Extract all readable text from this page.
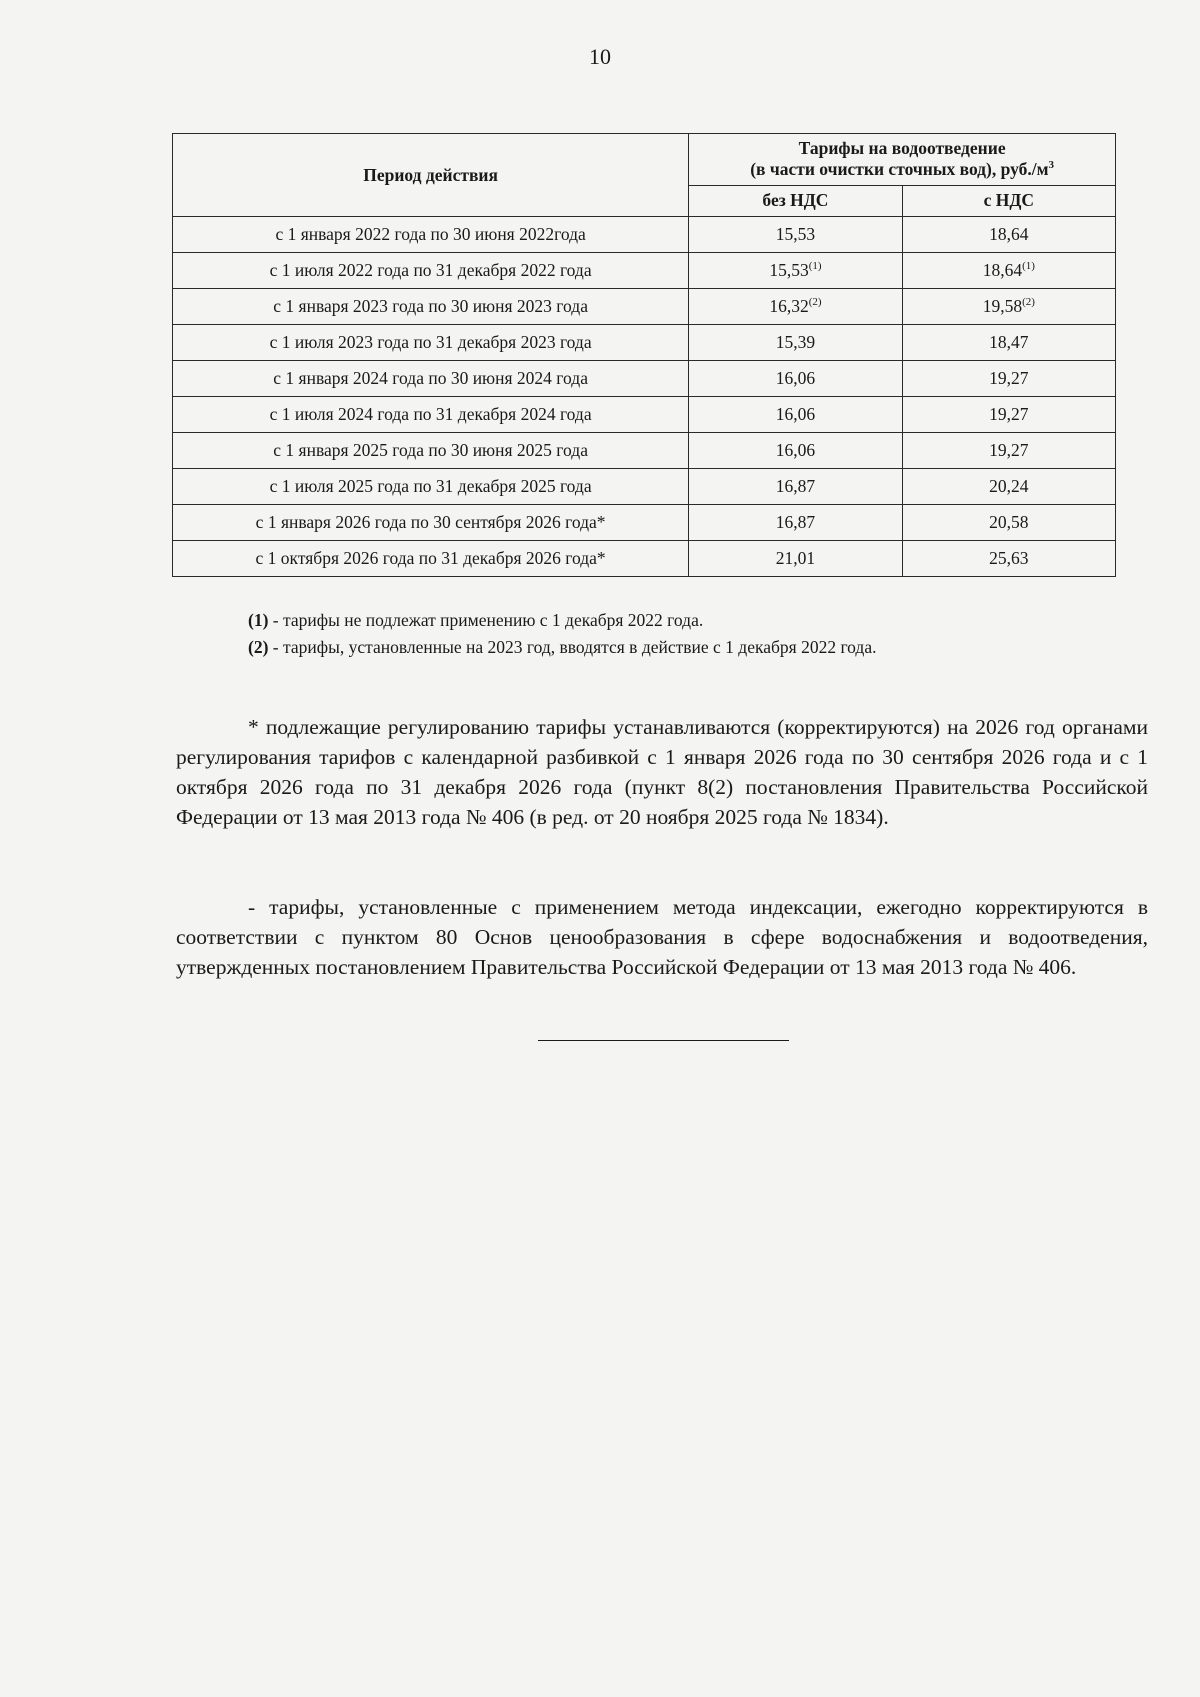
10
Период действия	Тарифы на водоотведение
(в части очистки сточных вод), $руб./м^3$
	без НДС	с НДС
с 1 января 2022 года по 30 июня 2022года	15,53	18,64
с 1 июля 2022 года по 31 декабря 2022 года	15,53$^{(1)}$	18,64$^{(1)}$
с 1 января 2023 года по 30 июня 2023 года	16,32$^{(2)}$	19,58$^{(2)}$
с 1 июля 2023 года по 31 декабря 2023 года	15,39	18,47
с 1 января 2024 года по 30 июня 2024 года	16,06	19,27
с 1 июля 2024 года по 31 декабря 2024 года	16,06	19,27
с 1 января 2025 года по 30 июня 2025 года	16,06	19,27
с 1 июля 2025 года по 31 декабря 2025 года	16,87	20,24
с 1 января 2026 года по 30 сентября 2026 года*	16,87	20,58
с 1 октября 2026 года по 31 декабря 2026 года*	21,01	25,63
(1) - тарифы не подлежат применению с 1 декабря 2022 года.
(2) - тарифы, установленные на 2023 год, вводятся в действие с 1 декабря 2022 года.

* подлежащие регулированию тарифы устанавливаются (корректируются) на 2026 год органами регулирования тарифов с календарной разбивкой с 1 января 2026 года по 30 сентября 2026 года и с 1 октября 2026 года по 31 декабря 2026 года (пункт 8(2) постановления Правительства Российской Федерации от 13 мая 2013 года № 406 (в ред. от 20 ноября 2025 года № 1834).

- тарифы, установленные с применением метода индексации, ежегодно корректируются в соответствии с пунктом 80 Основ ценообразования в сфере водоснабжения и водоотведения, утвержденных постановлением Правительства Российской Федерации от 13 мая 2013 года № 406.
